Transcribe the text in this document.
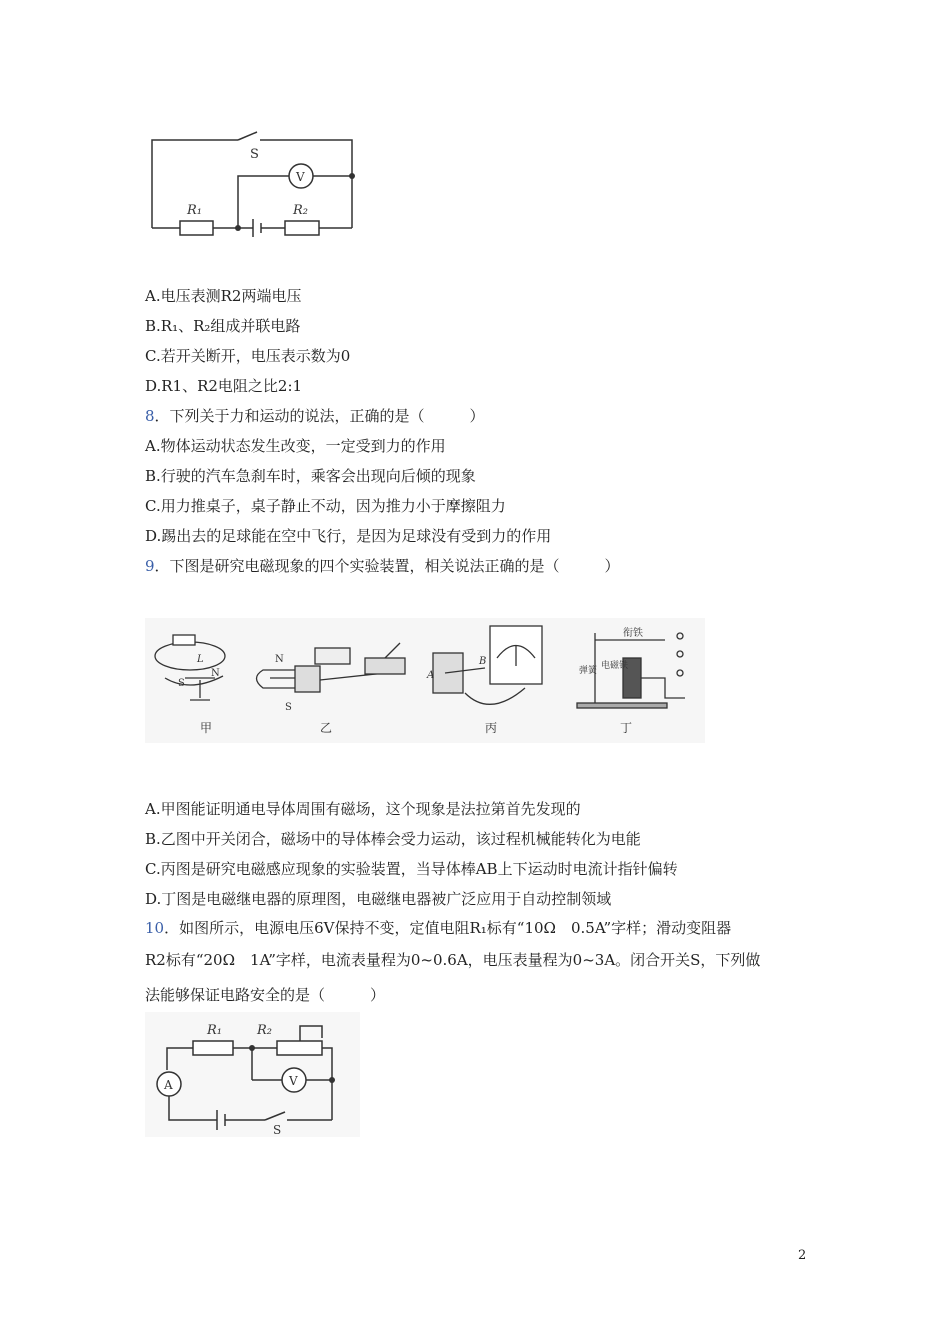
S
V
R₁	R₂
A.电压表测R2两端电压
B.R₁、R₂组成并联电路
C.若开关断开，电压表示数为0
D.R1、R2电阻之比2:1
8．下列关于力和运动的说法，正确的是（　　　）
A.物体运动状态发生改变，一定受到力的作用
B.行驶的汽车急刹车时，乘客会出现向后倾的现象
C.用力推桌子，桌子静止不动，因为推力小于摩擦阻力
D.踢出去的足球能在空中飞行，是因为足球没有受到力的作用
9．下图是研究电磁现象的四个实验装置，相关说法正确的是（　　　）
S
N
L	N
S
A
B
衔铁
弹簧 电磁铁
甲	乙	丙	丁
A.甲图能证明通电导体周围有磁场，这个现象是法拉第首先发现的
B.乙图中开关闭合，磁场中的导体棒会受力运动，该过程机械能转化为电能
C.丙图是研究电磁感应现象的实验装置，当导体棒AB上下运动时电流计指针偏转
D.丁图是电磁继电器的原理图，电磁继电器被广泛应用于自动控制领域
10．如图所示，电源电压6V保持不变，定值电阻R₁标有“10Ω　0.5A”字样；滑动变阻器
R2标有“20Ω　1A”字样，电流表量程为0~0.6A，电压表量程为0~3A。闭合开关S，下列做
法能够保证电路安全的是（　　　）
R₁	R₂
A	V
S
2
